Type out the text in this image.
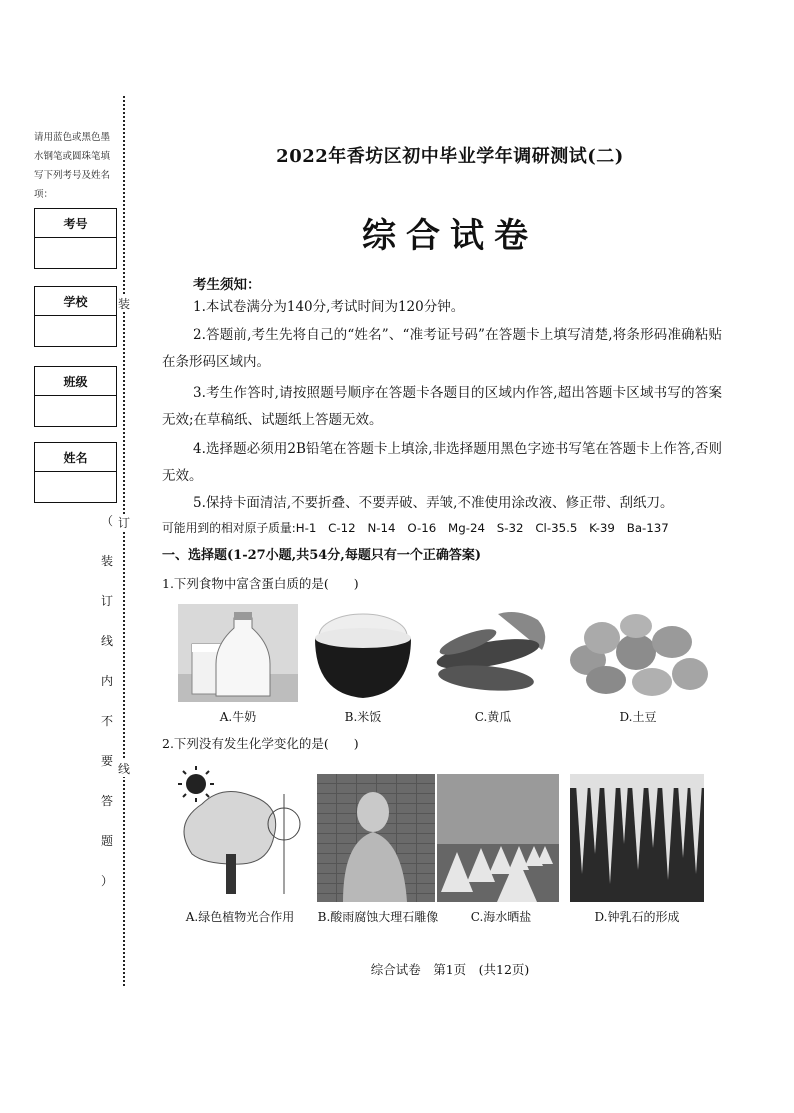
请用蓝色或黑色墨水钢笔或圆珠笔填写下列考号及姓名项：
考号
学校
班级
姓名
装
订
线
（
装
订
线
内
不
要
答
题
）
2022年香坊区初中毕业学年调研测试(二)
综合试卷
考生须知：
1.本试卷满分为140分,考试时间为120分钟。
2.答题前,考生先将自己的“姓名”、“准考证号码”在答题卡上填写清楚,将条形码准确粘贴在条形码区域内。
3.考生作答时,请按照题号顺序在答题卡各题目的区域内作答,超出答题卡区域书写的答案无效;在草稿纸、试题纸上答题无效。
4.选择题必须用2B铅笔在答题卡上填涂,非选择题用黑色字迹书写笔在答题卡上作答,否则无效。
5.保持卡面清洁,不要折叠、不要弄破、弄皱,不准使用涂改液、修正带、刮纸刀。
可能用到的相对原子质量:H-1　C-12　N-14　O-16　Mg-24　S-32　Cl-35.5　K-39　Ba-137
一、选择题(1-27小题,共54分,每题只有一个正确答案)
1.下列食物中富含蛋白质的是(　　)
A.牛奶	B.米饭	C.黄瓜	D.土豆
2.下列没有发生化学变化的是(　　)
A.绿色植物光合作用	B.酸雨腐蚀大理石雕像	C.海水晒盐	D.钟乳石的形成
综合试卷　第1页　(共12页)
